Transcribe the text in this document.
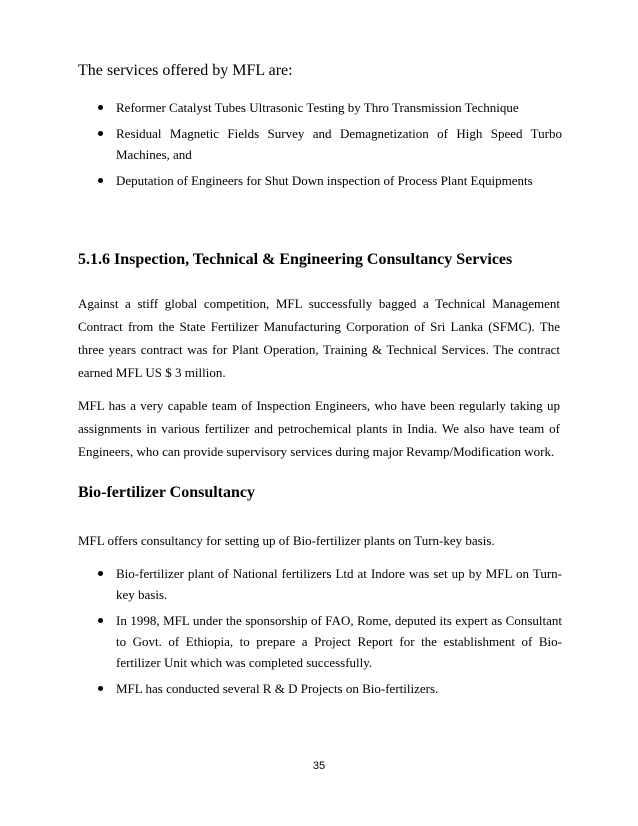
The services offered by MFL are:

Reformer Catalyst Tubes Ultrasonic Testing by Thro Transmission Technique
Residual Magnetic Fields Survey and Demagnetization of High Speed Turbo Machines, and
Deputation of Engineers for Shut Down inspection of Process Plant Equipments
5.1.6 Inspection, Technical & Engineering Consultancy Services

Against a stiff global competition, MFL successfully bagged a Technical Management Contract from the State Fertilizer Manufacturing Corporation of Sri Lanka (SFMC). The three years contract was for Plant Operation, Training & Technical Services. The contract earned MFL US $ 3 million.

MFL has a very capable team of Inspection Engineers, who have been regularly taking up assignments in various fertilizer and petrochemical plants in India. We also have team of Engineers, who can provide supervisory services during major Revamp/Modification work.

Bio-fertilizer Consultancy

MFL offers consultancy for setting up of Bio-fertilizer plants on Turn-key basis.

Bio-fertilizer plant of National fertilizers Ltd at Indore was set up by MFL on Turn-key basis.
In 1998, MFL under the sponsorship of FAO, Rome, deputed its expert as Consultant to Govt. of Ethiopia, to prepare a Project Report for the establishment of Bio-fertilizer Unit which was completed successfully.
MFL has conducted several R & D Projects on Bio-fertilizers.
35
